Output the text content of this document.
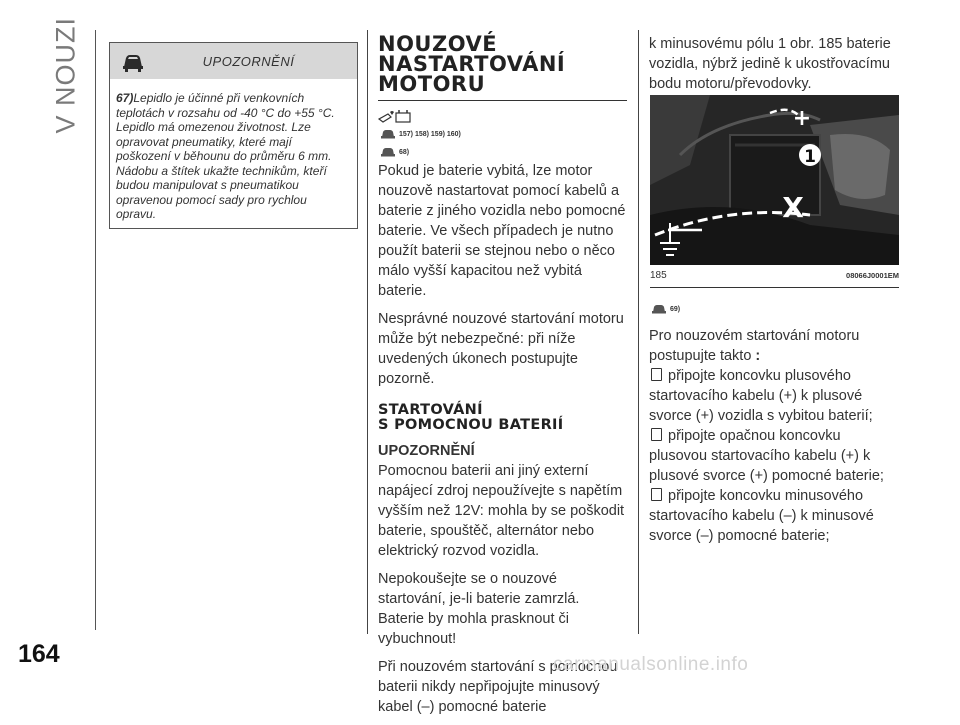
V NOUZI
164
UPOZORNĚNÍ
67)Lepidlo je účinné při venkovních teplotách v rozsahu od -40 °C do +55 °C. Lepidlo má omezenou životnost. Lze opravovat pneumatiky, které mají poškození v běhounu do průměru 6 mm. Nádobu a štítek ukažte technikům, kteří budou manipulovat s pneumatikou opravenou pomocí sady pro rychlou opravu.
NOUZOVÉ
NASTARTOVÁNÍ
MOTORU
157) 158) 159) 160)
68)

Pokud je baterie vybitá, lze motor nouzově nastartovat pomocí kabelů a baterie z jiného vozidla nebo pomocné baterie. Ve všech případech je nutno použít baterii se stejnou nebo o něco málo vyšší kapacitou než vybitá baterie.

Nesprávné nouzové startování motoru může být nebezpečné: při níže uvedených úkonech postupujte pozorně.

STARTOVÁNÍ
S POMOCNOU BATERIÍ
UPOZORNĚNÍ

Pomocnou baterii ani jiný externí napájecí zdroj nepoužívejte s napětím vyšším než 12V: mohla by se poškodit baterie, spouštěč, alternátor nebo elektrický rozvod vozidla.

Nepokoušejte se o nouzové startování, je-li baterie zamrzlá. Baterie by mohla prasknout či vybuchnout!

Při nouzovém startování s pomocnou baterii nikdy nepřipojujte minusový kabel (–) pomocné baterie

k minusovému pólu 1 obr. 185 baterie vozidla, nýbrž jedině k ukostřovacímu bodu motoru/převodovky.

1
+
X
185	08066J0001EM
69)

Pro nouzovém startování motoru postupujte takto :

připojte koncovku plusového startovacího kabelu (+) k plusové svorce (+) vozidla s vybitou baterií;

připojte opačnou koncovku plusovou startovacího kabelu (+) k plusové svorce (+) pomocné baterie;

připojte koncovku minusového startovacího kabelu (–) k minusové svorce (–) pomocné baterie;

carmanualsonline.info
